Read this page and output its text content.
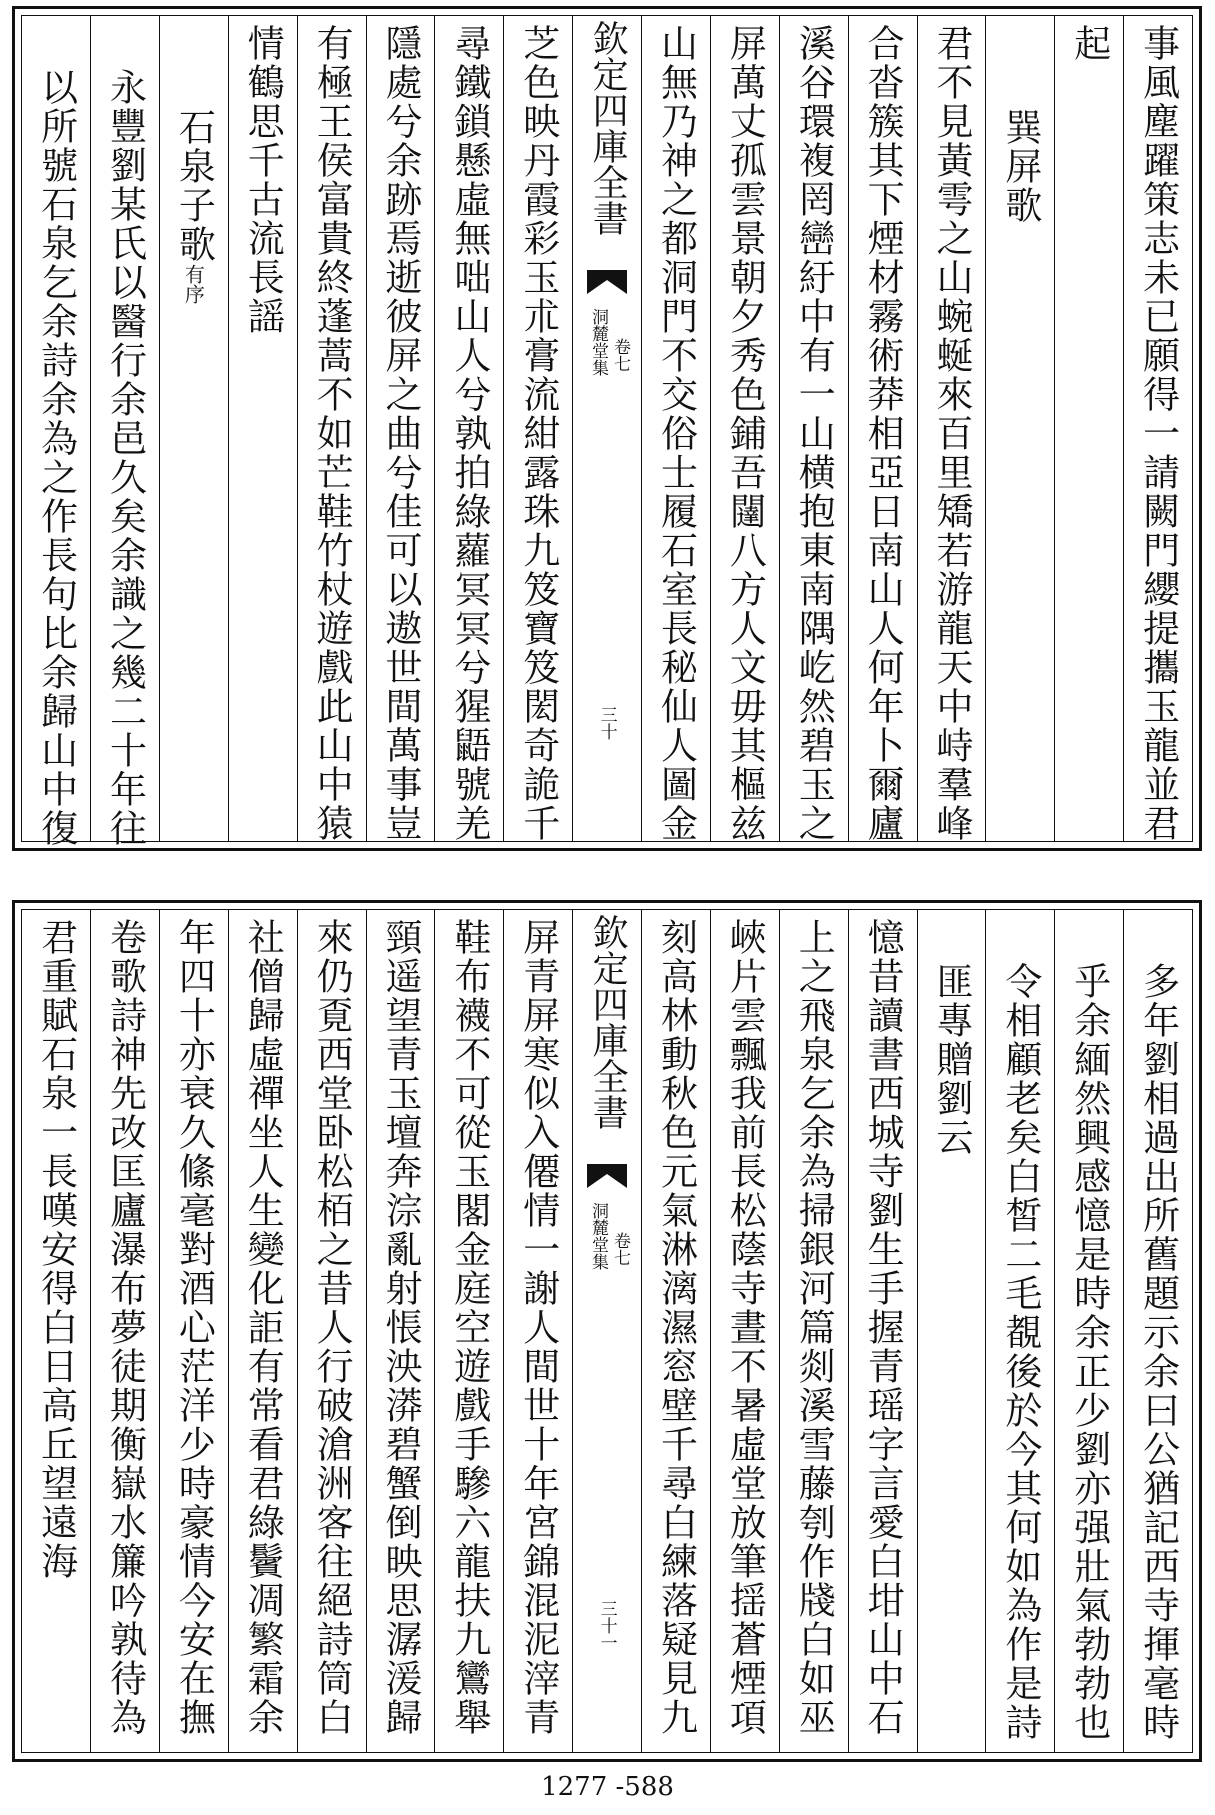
事風塵躍策志未已願得一請闕門纓提攜玉龍並君
起
巽屏歌
君不見黃雩之山蜿蜒來百里矯若游龍天中峙羣峰
合沓簇其下煙材霧術莽相亞日南山人何年卜爾廬
溪谷環複罔巒紆中有一山横抱東南隅屹然碧玉之
屏萬丈孤雲景朝夕秀色鋪吾闥八方人文毋其樞兹
山無乃神之都洞門不交俗士履石室長秘仙人圖金
欽定四庫全書
洞麓堂集 卷七
三十
芝色映丹霞彩玉朮膏流紺露珠九笈寶笈閎奇詭千
尋鐵鎖懸虛無咄山人兮孰拍綠蘿冥冥兮猩鼯號羌
隱處兮余跡焉逝彼屏之曲兮佳可以遨世間萬事豈
有極王侯富貴終蓬蒿不如芒鞋竹杖遊戲此山中猿
情鶴思千古流長謡
石泉子歌有序
永豐劉某氏以醫行余邑久矣余識之幾二十年往
以所號石泉乞余詩余為之作長句比余歸山中復
多年劉相過出所舊題示余曰公猶記西寺揮毫時
乎余緬然興感憶是時余正少劉亦强壯氣勃勃也
令相顧老矣白皙二毛覩後於今其何如為作是詩
匪專贈劉云
憶昔讀書西城寺劉生手握青瑶字言愛白坩山中石
上之飛泉乞余為掃銀河篇剡溪雪藤刳作牋白如巫
峽片雲飄我前長松蔭寺晝不暑虛堂放筆揺蒼煙項
刻高林動秋色元氣淋漓濕窓壁千尋白練落疑見九
欽定四庫全書
洞麓堂集 卷七
三十一
屏青屏寒似入僊情一謝人間世十年宮錦混泥滓青
鞋布襪不可從玉閣金庭空遊戲手驂六龍扶九鸞舉
頸遥望青玉壇奔淙亂射悵泱漭碧蟹倒映思潺湲歸
來仍覔西堂卧松栢之昔人行破滄洲客往絕詩筒白
社僧歸虛禪坐人生變化詎有常看君綠鬢凋繁霜余
年四十亦衰久絛毫對酒心茫洋少時豪情今安在撫
卷歌詩神先改匡廬瀑布夢徒期衡嶽水簾吟孰待為
君重賦石泉一長嘆安得白日高丘望遠海
1277 -588
